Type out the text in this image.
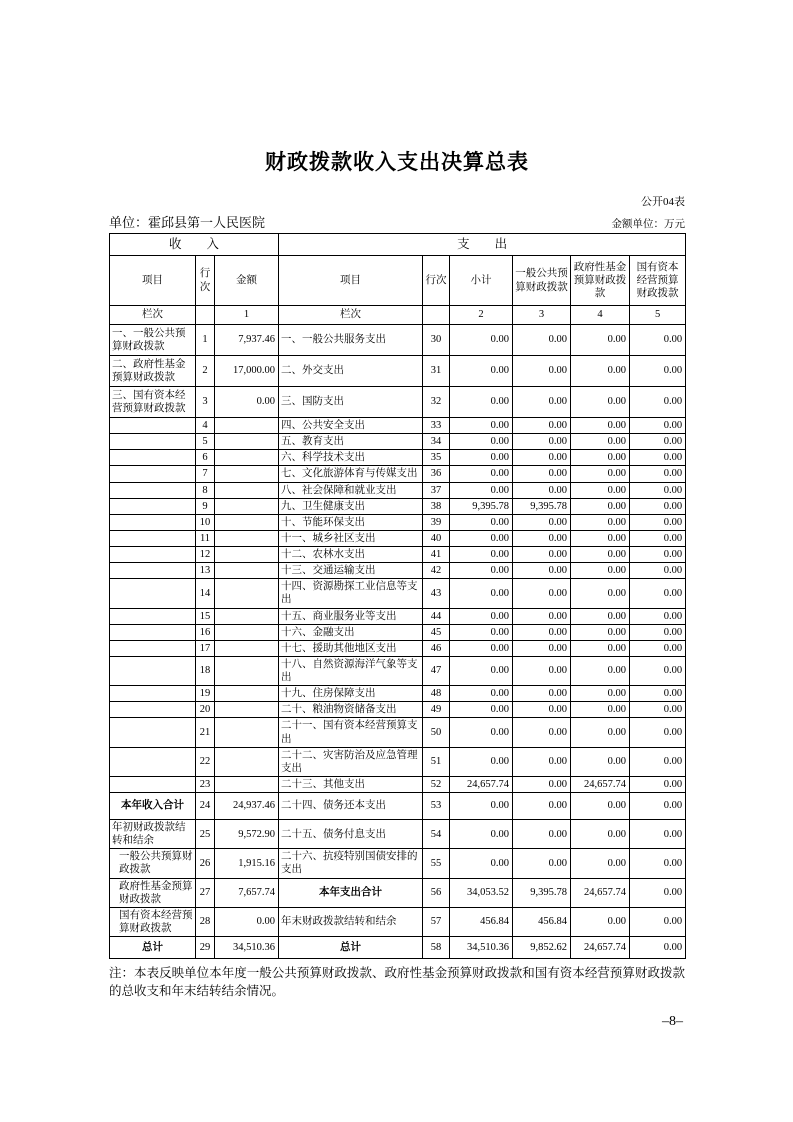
财政拨款收入支出决算总表
公开04表
单位：霍邱县第一人民医院	金额单位：万元
收　　入			支　　出					
项目	行次	金额	项目	行次	小计	一般公共预算财政拨款	政府性基金预算财政拨款	国有资本经营预算财政拨款
栏次		1	栏次		2	3	4	5
一、一般公共预算财政拨款	1	7,937.46	一、一般公共服务支出	30	0.00	0.00	0.00	0.00
二、政府性基金预算财政拨款	2	17,000.00	二、外交支出	31	0.00	0.00	0.00	0.00
三、国有资本经营预算财政拨款	3	0.00	三、国防支出	32	0.00	0.00	0.00	0.00
	4		四、公共安全支出	33	0.00	0.00	0.00	0.00
	5		五、教育支出	34	0.00	0.00	0.00	0.00
	6		六、科学技术支出	35	0.00	0.00	0.00	0.00
	7		七、文化旅游体育与传媒支出	36	0.00	0.00	0.00	0.00
	8		八、社会保障和就业支出	37	0.00	0.00	0.00	0.00
	9		九、卫生健康支出	38	9,395.78	9,395.78	0.00	0.00
	10		十、节能环保支出	39	0.00	0.00	0.00	0.00
	11		十一、城乡社区支出	40	0.00	0.00	0.00	0.00
	12		十二、农林水支出	41	0.00	0.00	0.00	0.00
	13		十三、交通运输支出	42	0.00	0.00	0.00	0.00
	14		十四、资源勘探工业信息等支出	43	0.00	0.00	0.00	0.00
	15		十五、商业服务业等支出	44	0.00	0.00	0.00	0.00
	16		十六、金融支出	45	0.00	0.00	0.00	0.00
	17		十七、援助其他地区支出	46	0.00	0.00	0.00	0.00
	18		十八、自然资源海洋气象等支出	47	0.00	0.00	0.00	0.00
	19		十九、住房保障支出	48	0.00	0.00	0.00	0.00
	20		二十、粮油物资储备支出	49	0.00	0.00	0.00	0.00
	21		二十一、国有资本经营预算支出	50	0.00	0.00	0.00	0.00
	22		二十二、灾害防治及应急管理支出	51	0.00	0.00	0.00	0.00
	23		二十三、其他支出	52	24,657.74	0.00	24,657.74	0.00
本年收入合计	24	24,937.46	二十四、债务还本支出	53	0.00	0.00	0.00	0.00
年初财政拨款结转和结余	25	9,572.90	二十五、债务付息支出	54	0.00	0.00	0.00	0.00
一般公共预算财政拨款	26	1,915.16	二十六、抗疫特别国债安排的支出	55	0.00	0.00	0.00	0.00
政府性基金预算财政拨款	27	7,657.74	本年支出合计	56	34,053.52	9,395.78	24,657.74	0.00
国有资本经营预算财政拨款	28	0.00	年末财政拨款结转和结余	57	456.84	456.84	0.00	0.00
总计	29	34,510.36	总计	58	34,510.36	9,852.62	24,657.74	0.00
注：本表反映单位本年度一般公共预算财政拨款、政府性基金预算财政拨款和国有资本经营预算财政拨款的总收支和年末结转结余情况。
–8–
